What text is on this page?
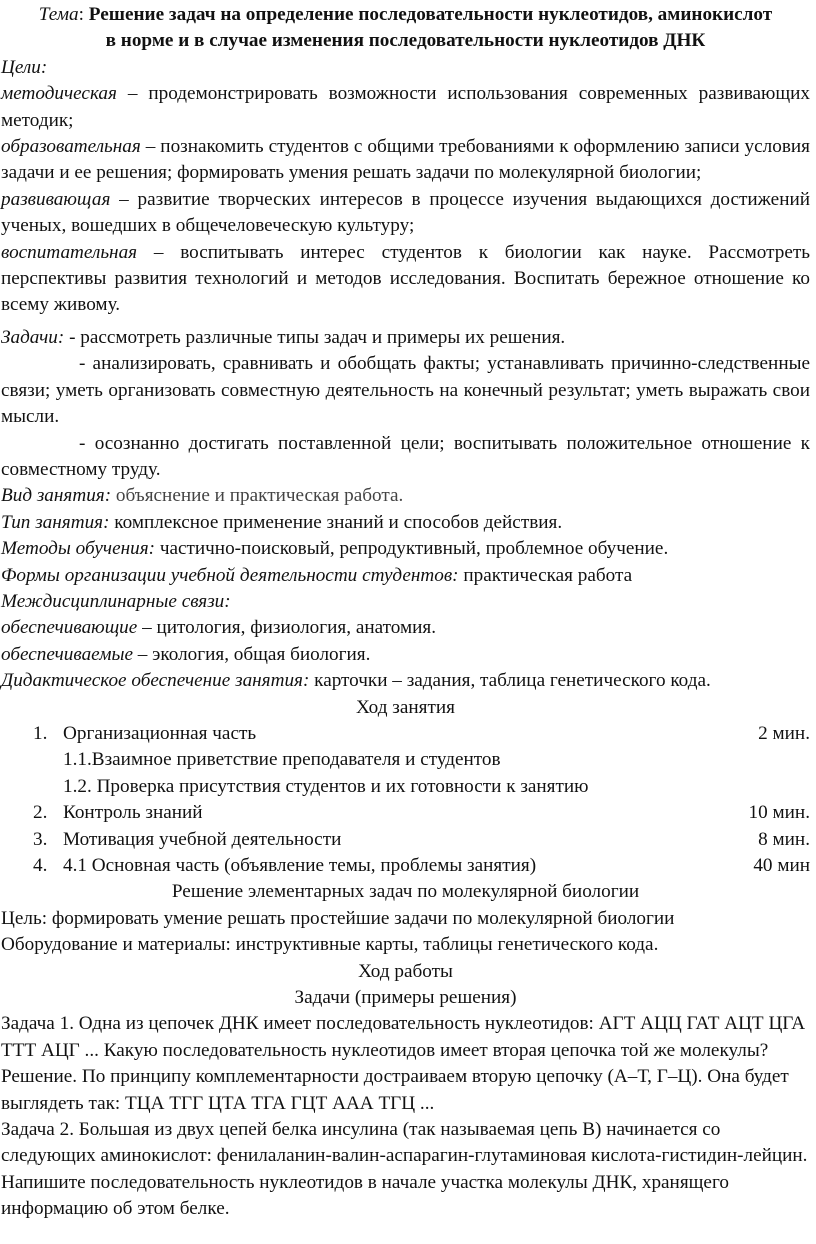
Тема: Решение задач на определение последовательности нуклеотидов, аминокислот

в норме и в случае изменения последовательности нуклеотидов ДНК

Цели:

методическая – продемонстрировать возможности использования современных развивающих методик;

образовательная – познакомить студентов с общими требованиями к оформлению записи условия задачи и ее решения; формировать умения решать задачи по молекулярной биологии;

развивающая – развитие творческих интересов в процессе изучения выдающихся достижений ученых, вошедших в общечеловеческую культуру;

воспитательная – воспитывать интерес студентов к биологии как науке. Рассмотреть перспективы развития технологий и методов исследования. Воспитать бережное отношение ко всему живому.

Задачи: - рассмотреть различные типы задач и примеры их решения.

- анализировать, сравнивать и обобщать факты; устанавливать причинно-следственные связи; уметь организовать совместную деятельность на конечный результат; уметь выражать свои мысли.

- осознанно достигать поставленной цели; воспитывать положительное отношение к совместному труду.

Вид занятия: объяснение и практическая работа.

Тип занятия: комплексное применение знаний и способов действия.

Методы обучения: частично-поисковый, репродуктивный, проблемное обучение.

Формы организации учебной деятельности студентов: практическая работа

Междисциплинарные связи:

обеспечивающие – цитология, физиология, анатомия.

обеспечиваемые – экология, общая биология.

Дидактическое обеспечение занятия: карточки – задания, таблица генетического кода.

Ход занятия

1. Организационная часть	2 мин.
1.1.Взаимное приветствие преподавателя и студентов
1.2. Проверка присутствия студентов и их готовности к занятию
2. Контроль знаний	10 мин.
3. Мотивация учебной деятельности	8 мин.
4. 4.1 Основная часть (объявление темы, проблемы занятия)	40 мин

Решение элементарных задач по молекулярной биологии

Цель: формировать умение решать простейшие задачи по молекулярной биологии

Оборудование и материалы: инструктивные карты, таблицы генетического кода.

Ход работы

Задачи (примеры решения)

Задача 1. Одна из цепочек ДНК имеет последовательность нуклеотидов: АГТ АЦЦ ГАТ АЦТ ЦГА ТТТ АЦГ ... Какую последовательность нуклеотидов имеет вторая цепочка той же молекулы?

Решение. По принципу комплементарности достраиваем вторую цепочку (А–Т, Г–Ц). Она будет выглядеть так: ТЦА ТГГ ЦТА ТГА ГЦТ ААА ТГЦ ...

Задача 2. Большая из двух цепей белка инсулина (так называемая цепь В) начинается со следующих аминокислот: фенилаланин-валин-аспарагин-глутаминовая кислота-гистидин-лейцин. Напишите последовательность нуклеотидов в начале участка молекулы ДНК, хранящего информацию об этом белке.
